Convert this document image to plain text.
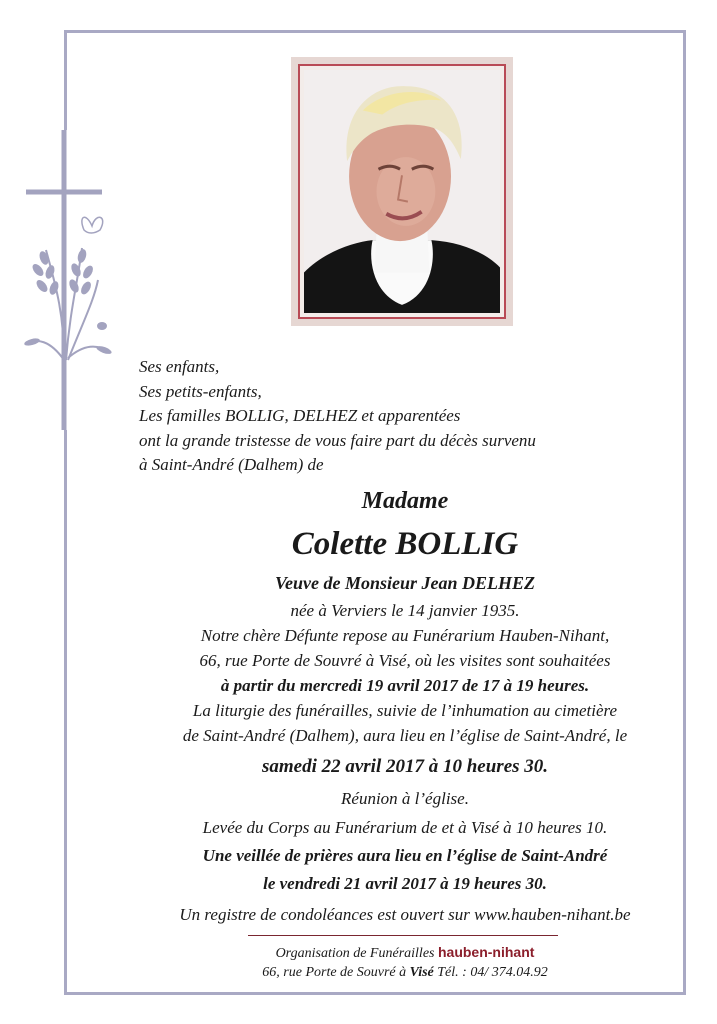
Ses enfants,
Ses petits-enfants,
Les familles BOLLIG, DELHEZ et apparentées
ont la grande tristesse de vous faire part du décès survenu
à Saint-André (Dalhem) de
Madame
Colette BOLLIG
Veuve de Monsieur Jean DELHEZ
née à Verviers le 14 janvier 1935.
Notre chère Défunte repose au Funérarium Hauben-Nihant,
66, rue Porte de Souvré à Visé, où les visites sont souhaitées
à partir du mercredi 19 avril 2017 de 17 à 19 heures.
La liturgie des funérailles, suivie de l’inhumation au cimetière
de Saint-André (Dalhem), aura lieu en l’église de Saint-André, le
samedi 22 avril 2017 à 10 heures 30.
Réunion à l’église.
Levée du Corps au Funérarium de et à Visé à 10 heures 10.
Une veillée de prières aura lieu en l’église de Saint-André
le vendredi 21 avril 2017 à 19 heures 30.
Un registre de condoléances est ouvert sur www.hauben-nihant.be
Organisation de Funérailles hauben-nihant
66, rue Porte de Souvré à Visé Tél. : 04/ 374.04.92
